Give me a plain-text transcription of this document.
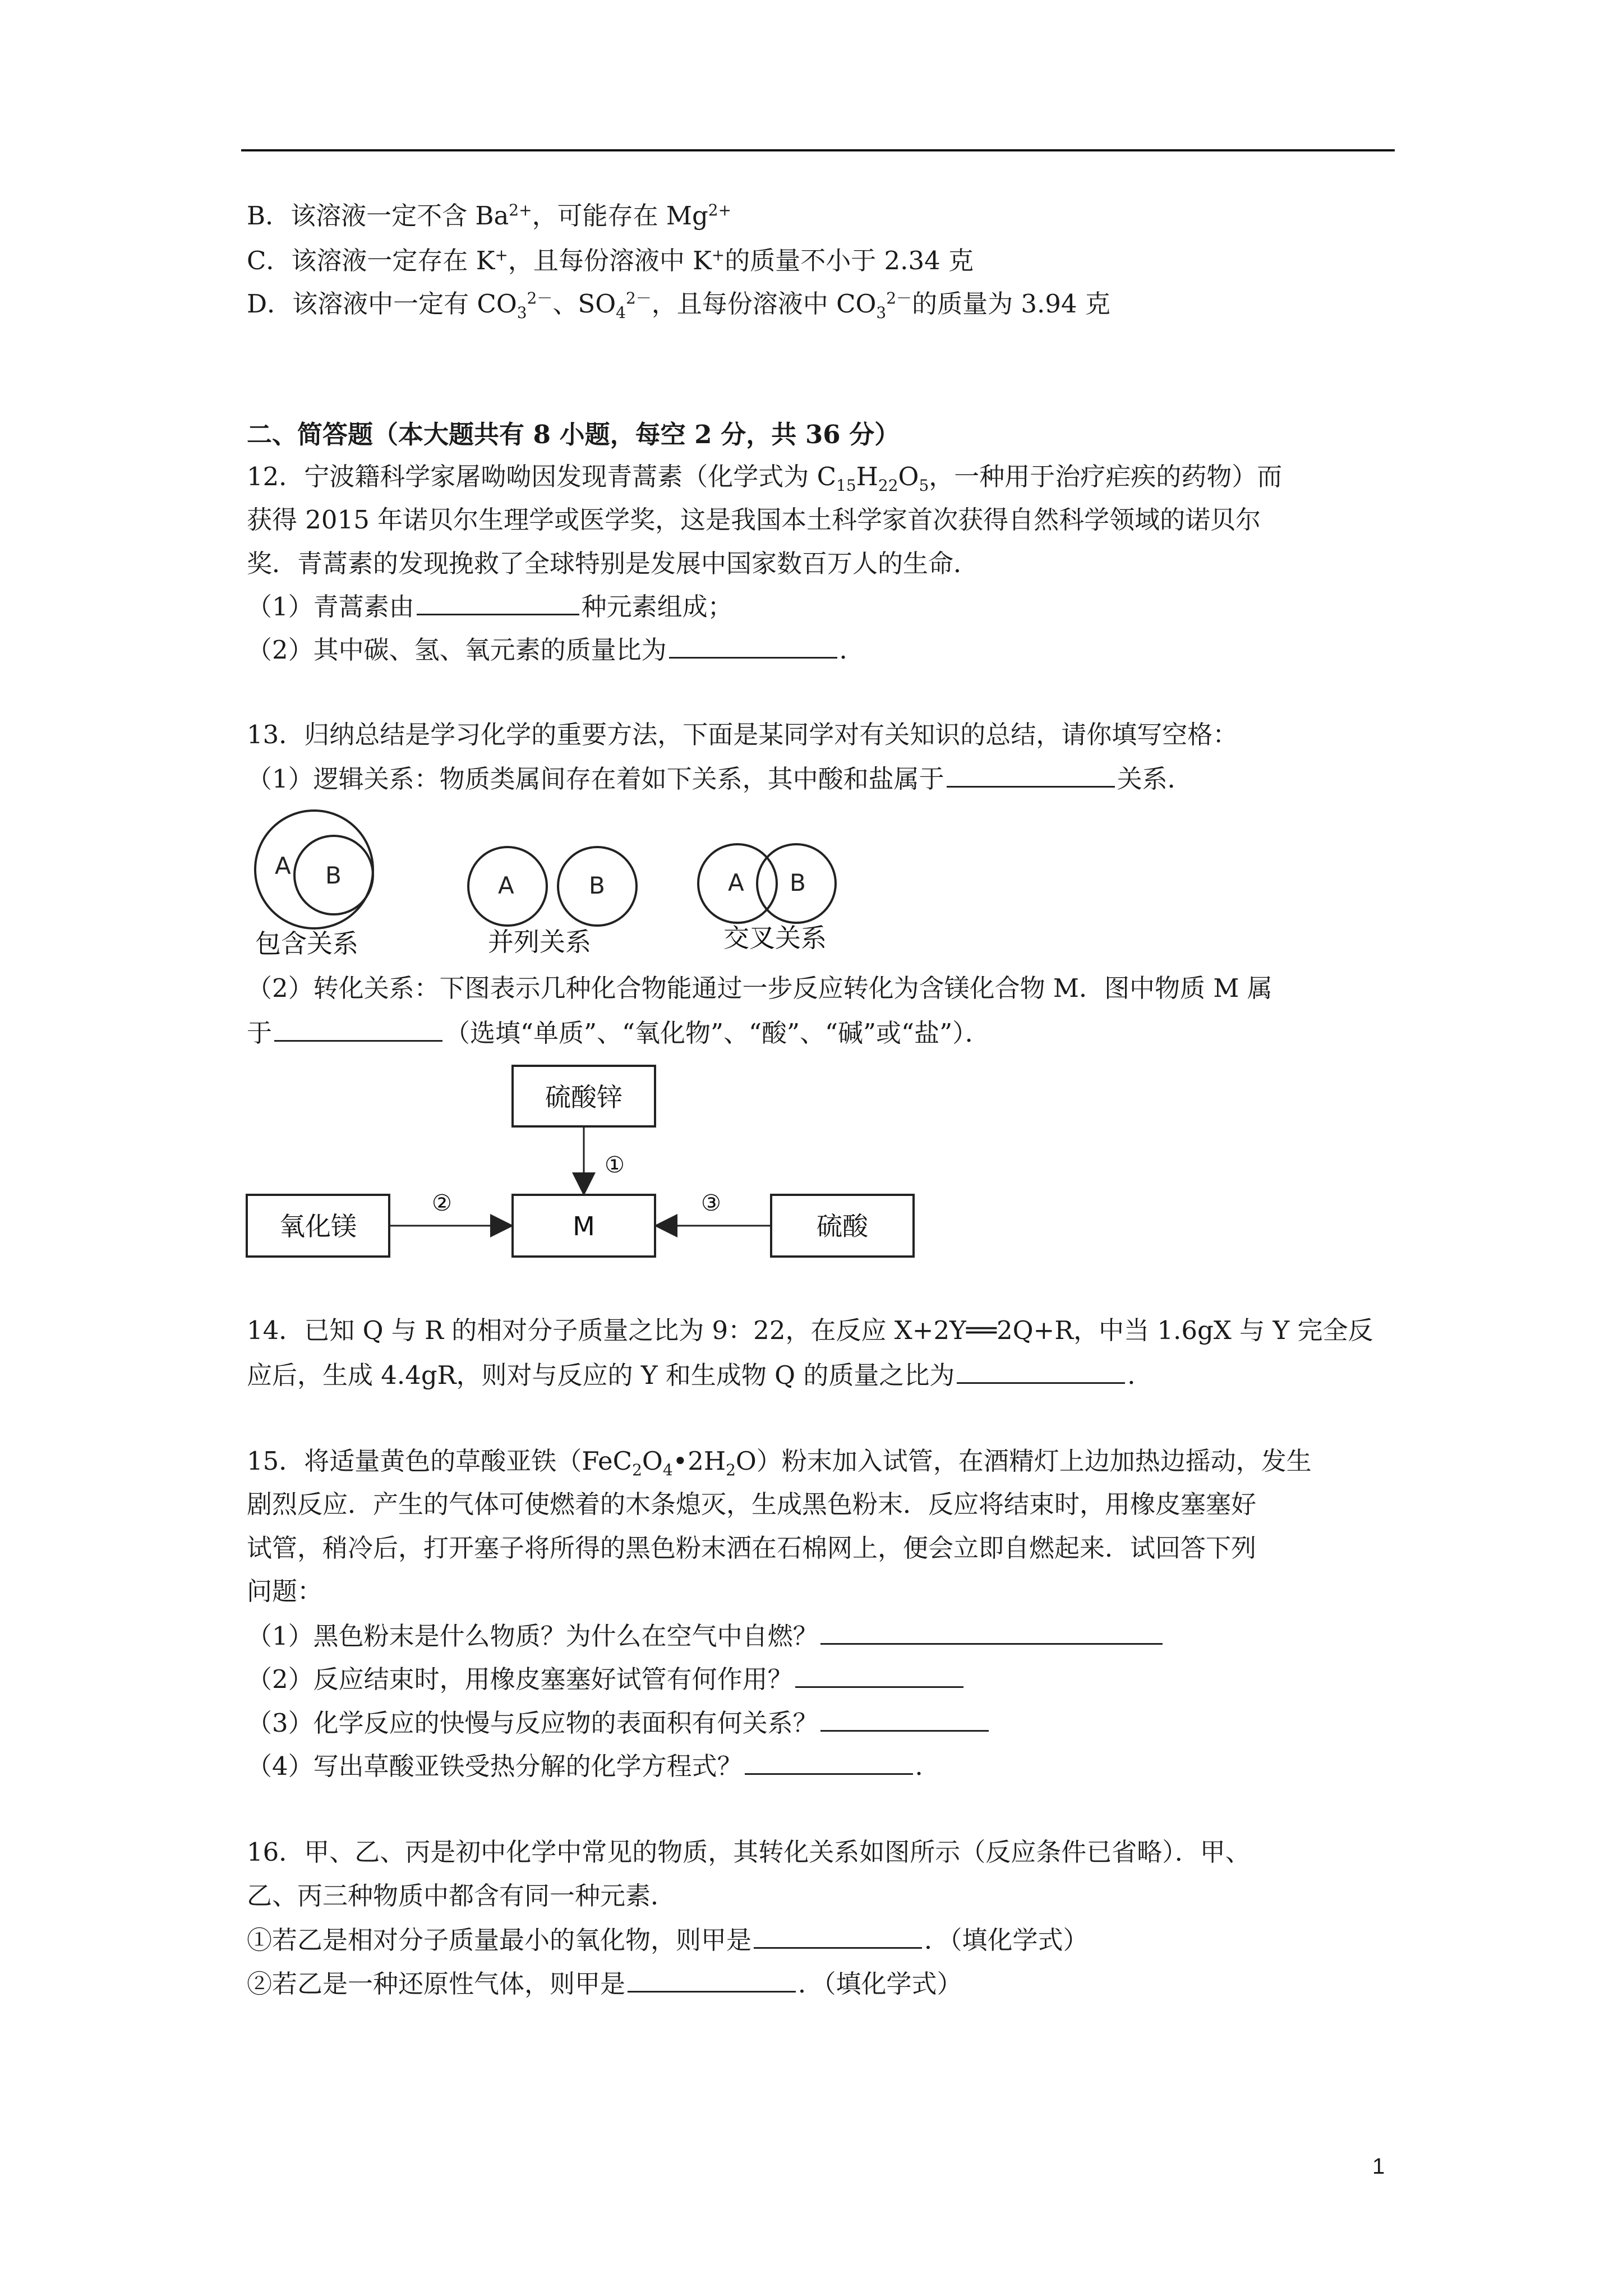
B．该溶液一定不含 $Ba^{2+}$，可能存在 $Mg^{2+}$
C．该溶液一定存在 K+，且每份溶液中 K+的质量不小于 2.34 克
D．该溶液中一定有 $CO_3^{2-}$、$SO_4^{2-}$，且每份溶液中 $CO_3^{2-}$的质量为 3.94 克
二、简答题（本大题共有 8 小题，每空 2 分，共 36 分）
12．宁波籍科学家屠呦呦因发现青蒿素（化学式为 $C_{15}H_{22}O_5$，一种用于治疗疟疾的药物）而
获得 2015 年诺贝尔生理学或医学奖，这是我国本土科学家首次获得自然科学领域的诺贝尔
奖．青蒿素的发现挽救了全球特别是发展中国家数百万人的生命．
（1）青蒿素由	种元素组成；
（2）其中碳、氢、氧元素的质量比为	．
13．归纳总结是学习化学的重要方法，下面是某同学对有关知识的总结，请你填写空格：
（1）逻辑关系：物质类属间存在着如下关系，其中酸和盐属于	关系．
A B	A	B	A B
包含关系	并列关系	交叉关系
（2）转化关系：下图表示几种化合物能通过一步反应转化为含镁化合物 M．图中物质 M 属
于	（选填“单质”、“氧化物”、“酸”、“碱”或“盐”）．
硫酸锌
氧化镁	M	硫酸
①
②	③
14．已知 Q 与 R 的相对分子质量之比为 9：22，在反应 X+2Y══2Q+R，中当 1.6gX 与 Y 完全反
应后，生成 4.4gR，则对与反应的 Y 和生成物 Q 的质量之比为	．
15．将适量黄色的草酸亚铁$(FeC_2O_4•2H_2O)$粉末加入试管，在酒精灯上边加热边摇动，发生
剧烈反应．产生的气体可使燃着的木条熄灭，生成黑色粉末．反应将结束时，用橡皮塞塞好
试管，稍冷后，打开塞子将所得的黑色粉末洒在石棉网上，便会立即自燃起来．试回答下列
问题：
（1）黑色粉末是什么物质？为什么在空气中自燃？
（2）反应结束时，用橡皮塞塞好试管有何作用？
（3）化学反应的快慢与反应物的表面积有何关系？
（4）写出草酸亚铁受热分解的化学方程式？	．
16．甲、乙、丙是初中化学中常见的物质，其转化关系如图所示（反应条件已省略）．甲、
乙、丙三种物质中都含有同一种元素．
①若乙是相对分子质量最小的氧化物，则甲是	．（填化学式）
②若乙是一种还原性气体，则甲是	．（填化学式）
1
